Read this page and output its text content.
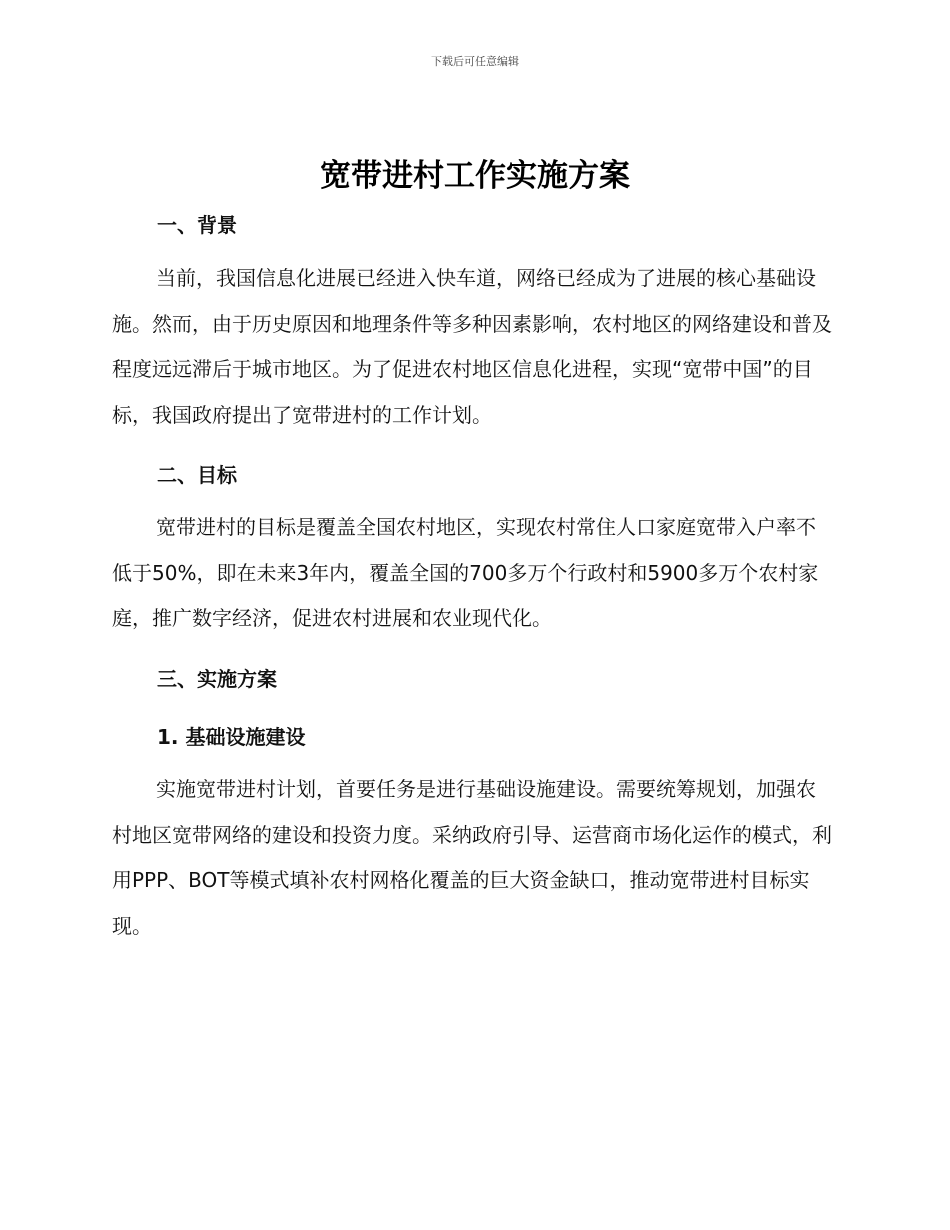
下载后可任意编辑
宽带进村工作实施方案
一、背景

当前，我国信息化进展已经进入快车道，网络已经成为了进展的核心基础设施。然而，由于历史原因和地理条件等多种因素影响，农村地区的网络建设和普及程度远远滞后于城市地区。为了促进农村地区信息化进程，实现“宽带中国”的目标，我国政府提出了宽带进村的工作计划。

二、目标

宽带进村的目标是覆盖全国农村地区，实现农村常住人口家庭宽带入户率不低于50%，即在未来3年内，覆盖全国的700多万个行政村和5900多万个农村家庭，推广数字经济，促进农村进展和农业现代化。

三、实施方案
1. 基础设施建设

实施宽带进村计划，首要任务是进行基础设施建设。需要统筹规划，加强农村地区宽带网络的建设和投资力度。采纳政府引导、运营商市场化运作的模式，利用PPP、BOT等模式填补农村网格化覆盖的巨大资金缺口，推动宽带进村目标实现。
